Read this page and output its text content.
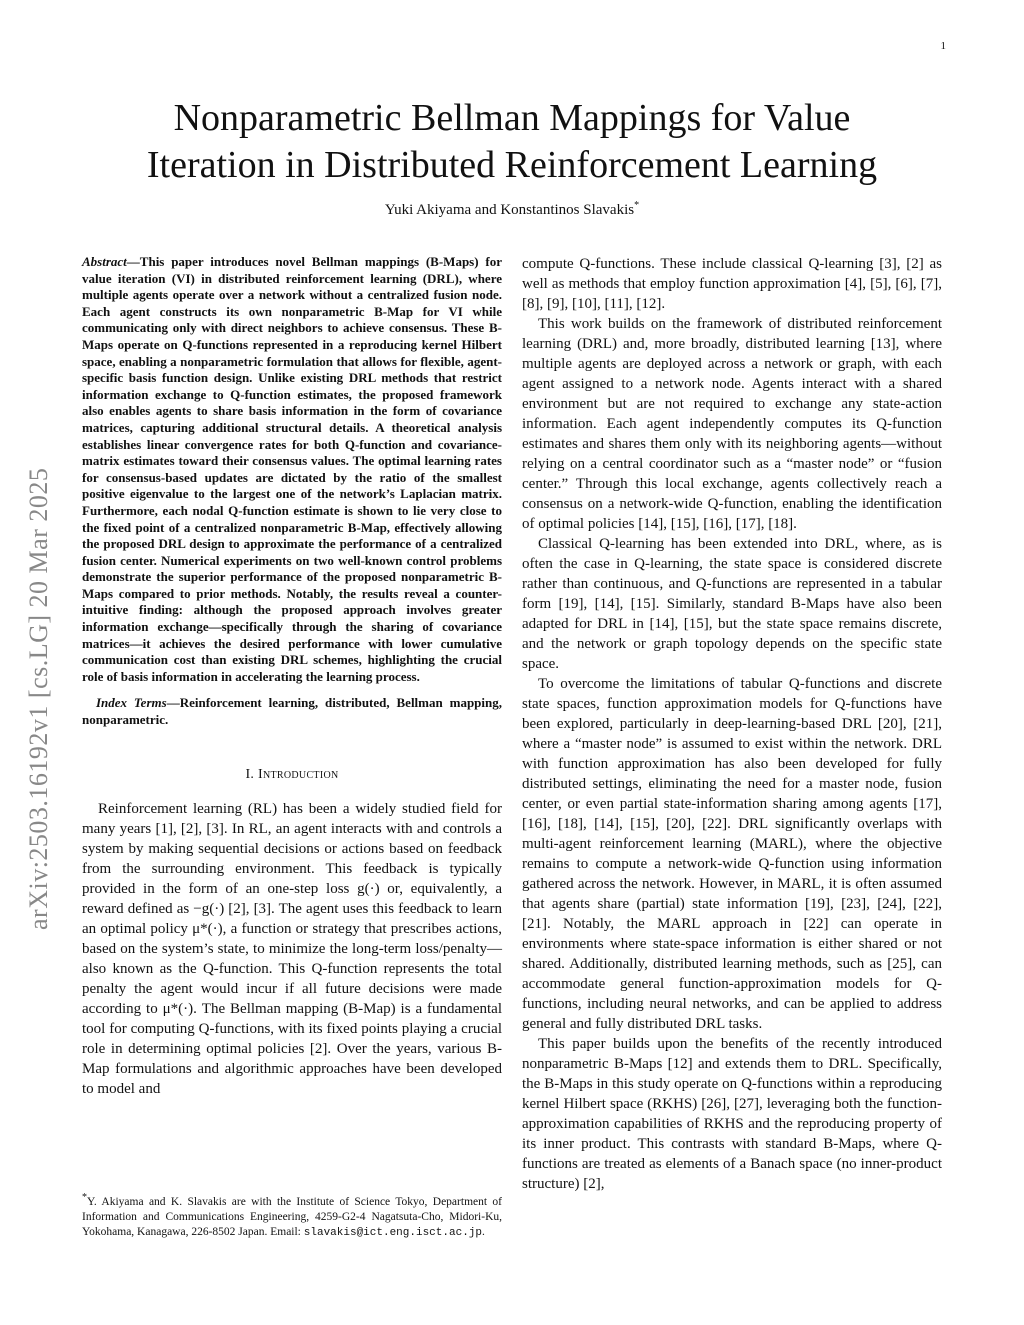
1
arXiv:2503.16192v1 [cs.LG] 20 Mar 2025
Nonparametric Bellman Mappings for Value
Iteration in Distributed Reinforcement Learning
Yuki Akiyama and Konstantinos Slavakis*

Abstract—This paper introduces novel Bellman mappings (B-Maps) for value iteration (VI) in distributed reinforcement learning (DRL), where multiple agents operate over a network without a centralized fusion node. Each agent constructs its own nonparametric B-Map for VI while communicating only with direct neighbors to achieve consensus. These B-Maps operate on Q-functions represented in a reproducing kernel Hilbert space, enabling a nonparametric formulation that allows for flexible, agent-specific basis function design. Unlike existing DRL methods that restrict information exchange to Q-function estimates, the proposed framework also enables agents to share basis information in the form of covariance matrices, capturing additional structural details. A theoretical analysis establishes linear convergence rates for both Q-function and covariance-matrix estimates toward their consensus values. The optimal learning rates for consensus-based updates are dictated by the ratio of the smallest positive eigenvalue to the largest one of the network’s Laplacian matrix. Furthermore, each nodal Q-function estimate is shown to lie very close to the fixed point of a centralized nonparametric B-Map, effectively allowing the proposed DRL design to approximate the performance of a centralized fusion center. Numerical experiments on two well-known control problems demonstrate the superior performance of the proposed nonparametric B-Maps compared to prior methods. Notably, the results reveal a counter-intuitive finding: although the proposed approach involves greater information exchange—specifically through the sharing of covariance matrices—it achieves the desired performance with lower cumulative communication cost than existing DRL schemes, highlighting the crucial role of basis information in accelerating the learning process.

Index Terms—Reinforcement learning, distributed, Bellman mapping, nonparametric.

I. Introduction

Reinforcement learning (RL) has been a widely studied field for many years [1], [2], [3]. In RL, an agent interacts with and controls a system by making sequential decisions or actions based on feedback from the surrounding environment. This feedback is typically provided in the form of an one-step loss g(·) or, equivalently, a reward defined as −g(·) [2], [3]. The agent uses this feedback to learn an optimal policy μ*(·), a function or strategy that prescribes actions, based on the system’s state, to minimize the long-term loss/penalty—also known as the Q-function. This Q-function represents the total penalty the agent would incur if all future decisions were made according to μ*(·). The Bellman mapping (B-Map) is a fundamental tool for computing Q-functions, with its fixed points playing a crucial role in determining optimal policies [2]. Over the years, various B-Map formulations and algorithmic approaches have been developed to model and

compute Q-functions. These include classical Q-learning [3], [2] as well as methods that employ function approximation [4], [5], [6], [7], [8], [9], [10], [11], [12].

This work builds on the framework of distributed reinforcement learning (DRL) and, more broadly, distributed learning [13], where multiple agents are deployed across a network or graph, with each agent assigned to a network node. Agents interact with a shared environment but are not required to exchange any state-action information. Each agent independently computes its Q-function estimates and shares them only with its neighboring agents—without relying on a central coordinator such as a “master node” or “fusion center.” Through this local exchange, agents collectively reach a consensus on a network-wide Q-function, enabling the identification of optimal policies [14], [15], [16], [17], [18].

Classical Q-learning has been extended into DRL, where, as is often the case in Q-learning, the state space is considered discrete rather than continuous, and Q-functions are represented in a tabular form [19], [14], [15]. Similarly, standard B-Maps have also been adapted for DRL in [14], [15], but the state space remains discrete, and the network or graph topology depends on the specific state space.

To overcome the limitations of tabular Q-functions and discrete state spaces, function approximation models for Q-functions have been explored, particularly in deep-learning-based DRL [20], [21], where a “master node” is assumed to exist within the network. DRL with function approximation has also been developed for fully distributed settings, eliminating the need for a master node, fusion center, or even partial state-information sharing among agents [17], [16], [18], [14], [15], [20], [22]. DRL significantly overlaps with multi-agent reinforcement learning (MARL), where the objective remains to compute a network-wide Q-function using information gathered across the network. However, in MARL, it is often assumed that agents share (partial) state information [19], [23], [24], [22], [21]. Notably, the MARL approach in [22] can operate in environments where state-space information is either shared or not shared. Additionally, distributed learning methods, such as [25], can accommodate general function-approximation models for Q-functions, including neural networks, and can be applied to address general and fully distributed DRL tasks.

This paper builds upon the benefits of the recently introduced nonparametric B-Maps [12] and extends them to DRL. Specifically, the B-Maps in this study operate on Q-functions within a reproducing kernel Hilbert space (RKHS) [26], [27], leveraging both the function-approximation capabilities of RKHS and the reproducing property of its inner product. This contrasts with standard B-Maps, where Q-functions are treated as elements of a Banach space (no inner-product structure) [2],

*Y. Akiyama and K. Slavakis are with the Institute of Science Tokyo, Department of Information and Communications Engineering, 4259-G2-4 Nagatsuta-Cho, Midori-Ku, Yokohama, Kanagawa, 226-8502 Japan. Email: slavakis@ict.eng.isct.ac.jp.
